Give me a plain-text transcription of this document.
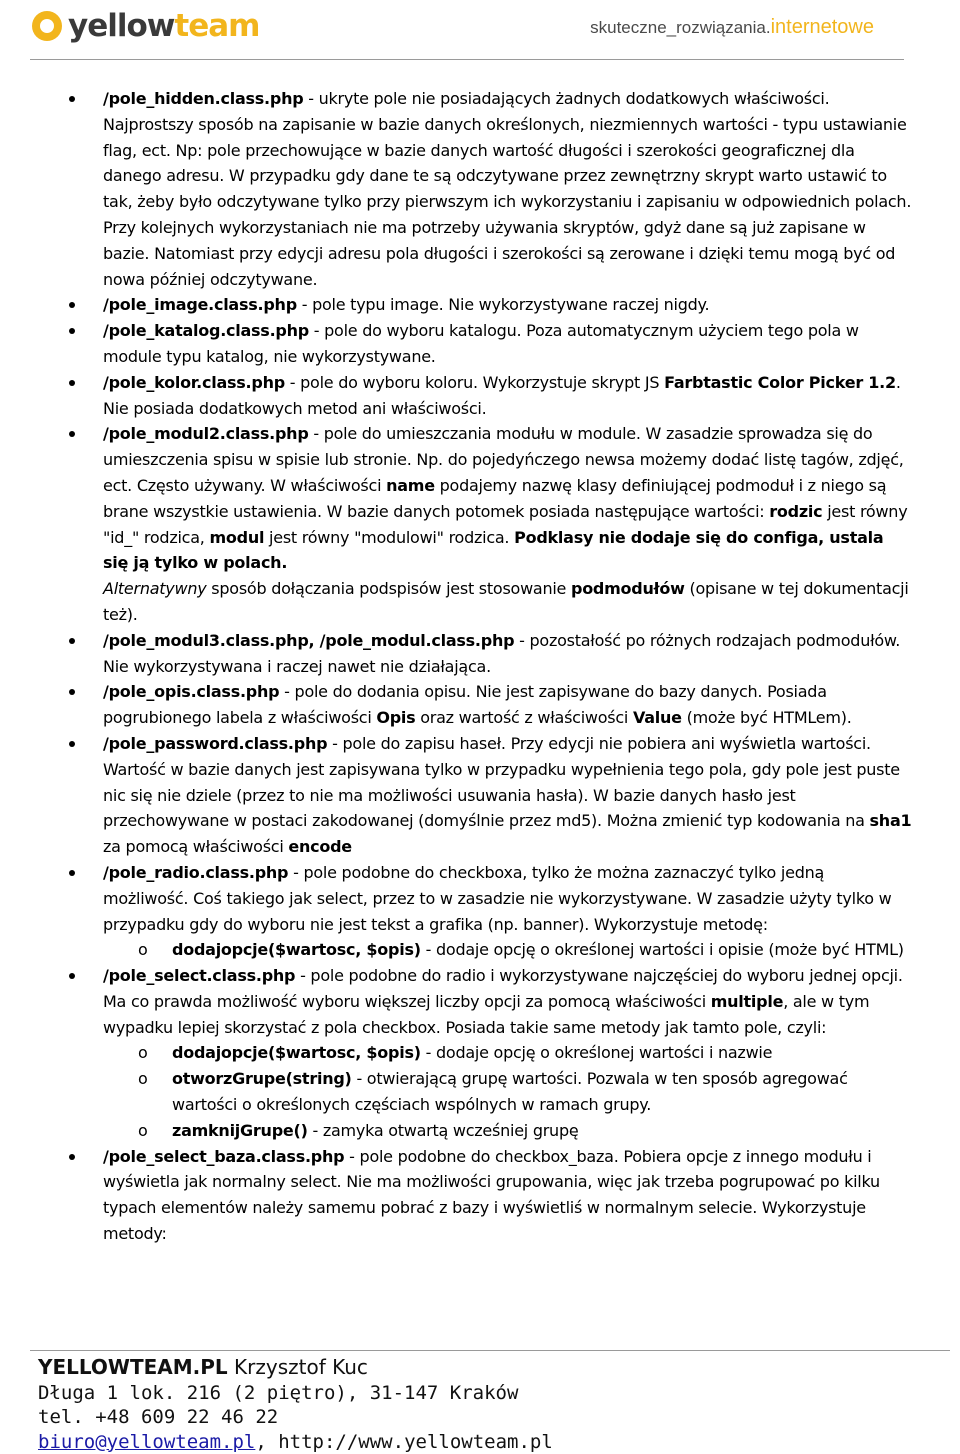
yellowteam	skuteczne_rozwiązania.internetowe
/pole_hidden.class.php - ukryte pole nie posiadających żadnych dodatkowych właściwości. Najprostszy sposób na zapisanie w bazie danych określonych, niezmiennych wartości - typu ustawianie flag, ect. Np: pole przechowujące w bazie danych wartość długości i szerokości geograficznej dla danego adresu. W przypadku gdy dane te są odczytywane przez zewnętrzny skrypt warto ustawić to tak, żeby było odczytywane tylko przy pierwszym ich wykorzystaniu i zapisaniu w odpowiednich polach. Przy kolejnych wykorzystaniach nie ma potrzeby używania skryptów, gdyż dane są już zapisane w bazie. Natomiast przy edycji adresu pola długości i szerokości są zerowane i dzięki temu mogą być od nowa później odczytywane.
/pole_image.class.php - pole typu image. Nie wykorzystywane raczej nigdy.
/pole_katalog.class.php - pole do wyboru katalogu. Poza automatycznym użyciem tego pola w module typu katalog, nie wykorzystywane.
/pole_kolor.class.php - pole do wyboru koloru. Wykorzystuje skrypt JS Farbtastic Color Picker 1.2. Nie posiada dodatkowych metod ani właściwości.
/pole_modul2.class.php - pole do umieszczania modułu w module. W zasadzie sprowadza się do umieszczenia spisu w spisie lub stronie. Np. do pojedyńczego newsa możemy dodać listę tagów, zdjęć, ect. Często używany. W właściwości name podajemy nazwę klasy definiującej podmoduł i z niego są brane wszystkie ustawienia. W bazie danych potomek posiada następujące wartości: rodzic jest równy "id_" rodzica, modul jest równy "modulowi" rodzica. Podklasy nie dodaje się do configa, ustala się ją tylko w polach.
Alternatywny sposób dołączania podspisów jest stosowanie podmodułów (opisane w tej dokumentacji też).
/pole_modul3.class.php, /pole_modul.class.php - pozostałość po różnych rodzajach podmodułów. Nie wykorzystywana i raczej nawet nie działająca.
/pole_opis.class.php - pole do dodania opisu. Nie jest zapisywane do bazy danych. Posiada pogrubionego labela z właściwości Opis oraz wartość z właściwości Value (może być HTMLem).
/pole_password.class.php - pole do zapisu haseł. Przy edycji nie pobiera ani wyświetla wartości. Wartość w bazie danych jest zapisywana tylko w przypadku wypełnienia tego pola, gdy pole jest puste nic się nie dziele (przez to nie ma możliwości usuwania hasła). W bazie danych hasło jest przechowywane w postaci zakodowanej (domyślnie przez md5). Można zmienić typ kodowania na sha1 za pomocą właściwości encode
/pole_radio.class.php - pole podobne do checkboxa, tylko że można zaznaczyć tylko jedną możliwość. Coś takiego jak select, przez to w zasadzie nie wykorzystywane. W zasadzie użyty tylko w przypadku gdy do wyboru nie jest tekst a grafika (np. banner). Wykorzystuje metodę:
o dodajopcje($wartosc, $opis) - dodaje opcję o określonej wartości i opisie (może być HTML)
/pole_select.class.php - pole podobne do radio i wykorzystywane najczęściej do wyboru jednej opcji. Ma co prawda możliwość wyboru większej liczby opcji za pomocą właściwości multiple, ale w tym wypadku lepiej skorzystać z pola checkbox. Posiada takie same metody jak tamto pole, czyli:
o dodajopcje($wartosc, $opis) - dodaje opcję o określonej wartości i nazwie
o otworzGrupe(string) - otwierającą grupę wartości. Pozwala w ten sposób agregować wartości o określonych częściach wspólnych w ramach grupy.
o zamknijGrupe() - zamyka otwartą wcześniej grupę
/pole_select_baza.class.php - pole podobne do checkbox_baza. Pobiera opcje z innego modułu i wyświetla jak normalny select. Nie ma możliwości grupowania, więc jak trzeba pogrupować po kilku typach elementów należy samemu pobrać z bazy i wyświetliś w normalnym selecie. Wykorzystuje metody:
YELLOWTEAM.PL Krzysztof Kuc
Długa 1 lok. 216 (2 piętro), 31-147 Kraków
tel. +48 609 22 46 22
biuro@yellowteam.pl, http://www.yellowteam.pl
